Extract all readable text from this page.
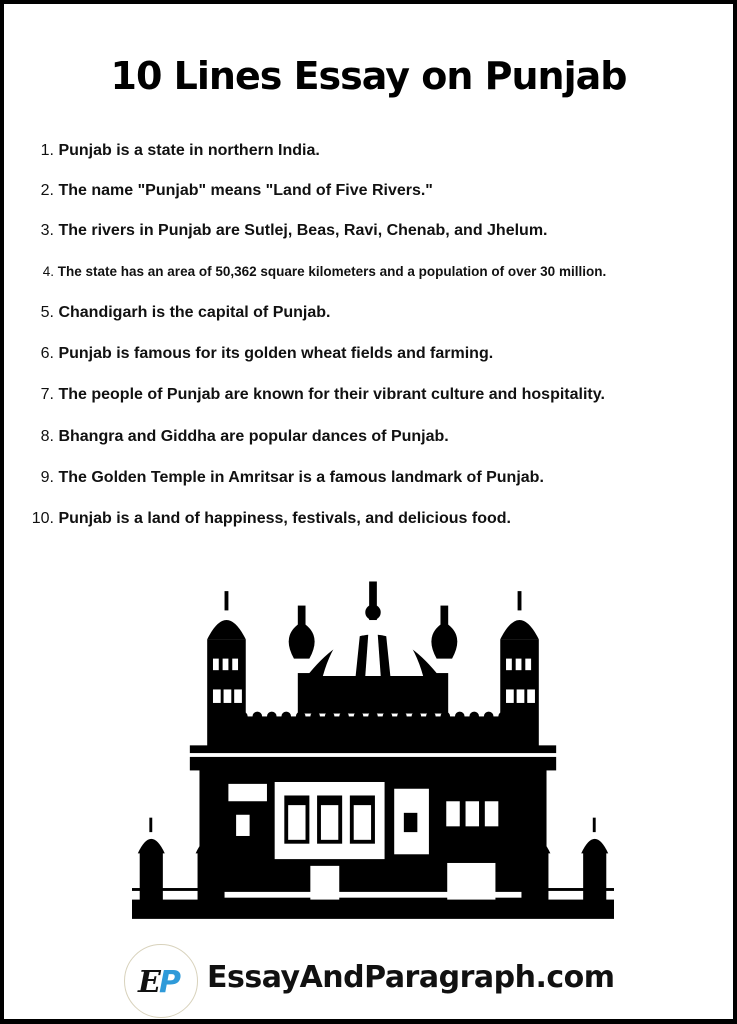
10 Lines Essay on Punjab
1. Punjab is a state in northern India.
2. The name "Punjab" means "Land of Five Rivers."
3. The rivers in Punjab are Sutlej, Beas, Ravi, Chenab, and Jhelum.
4. The state has an area of 50,362 square kilometers and a population of over 30 million.
5. Chandigarh is the capital of Punjab.
6. Punjab is famous for its golden wheat fields and farming.
7. The people of Punjab are known for their vibrant culture and hospitality.
8. Bhangra and Giddha are popular dances of Punjab.
9. The Golden Temple in Amritsar is a famous landmark of Punjab.
10. Punjab is a land of happiness, festivals, and delicious food.
E
P EssayAndParagraph.com
